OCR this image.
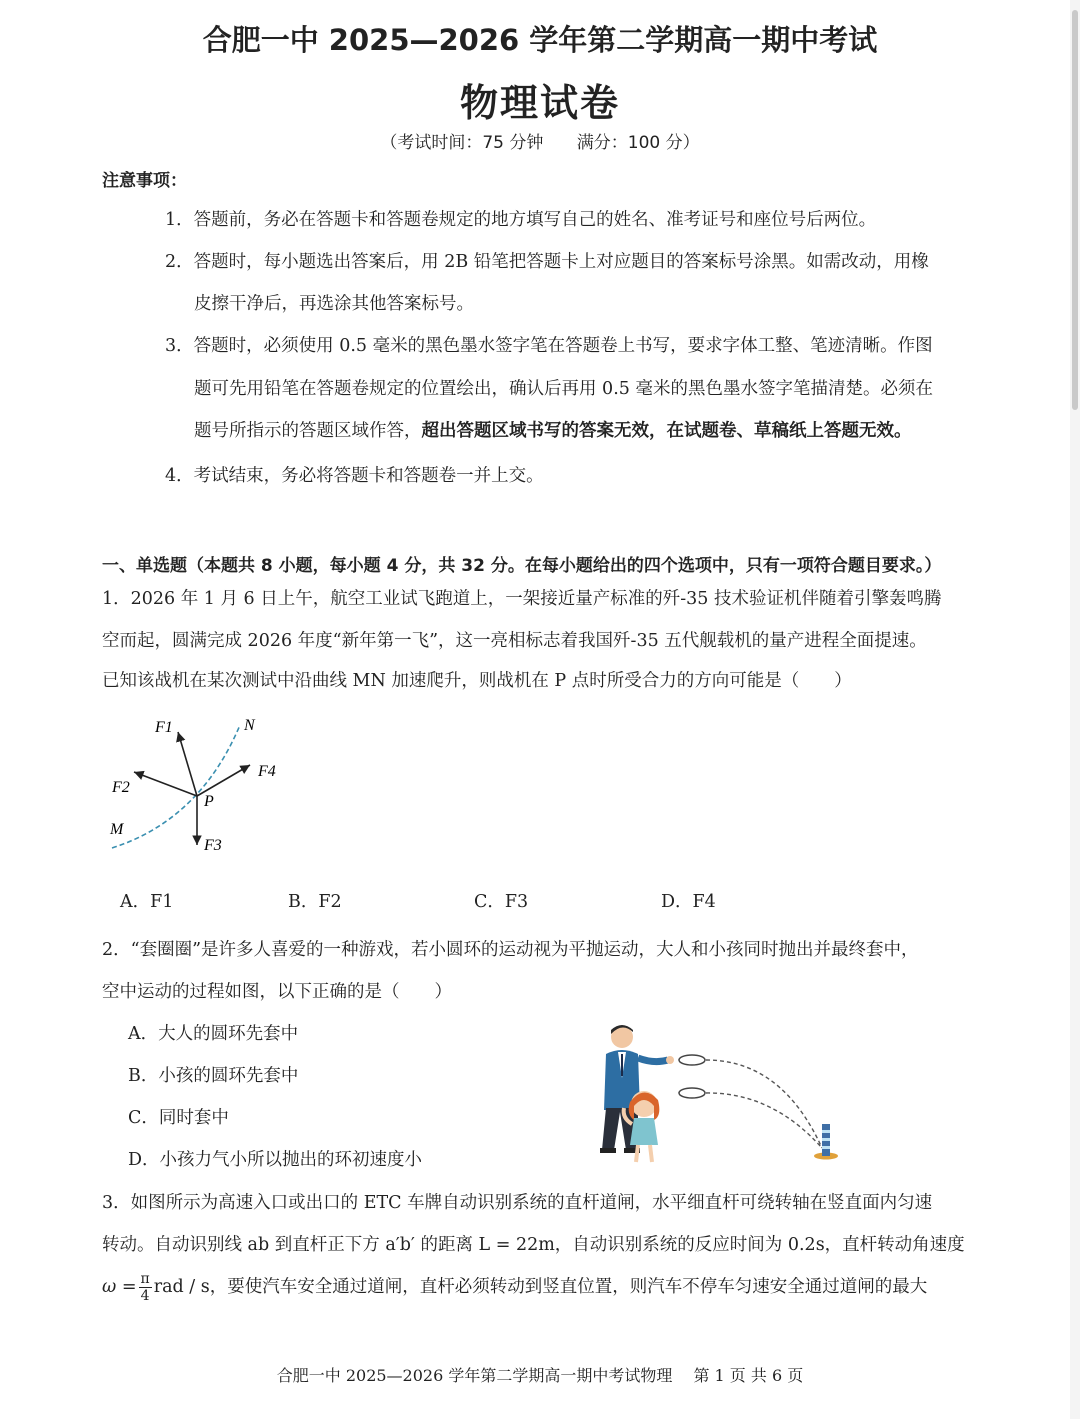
合肥一中 2025—2026 学年第二学期高一期中考试
物理试卷
（考试时间：75 分钟 满分：100 分）
注意事项：
1．答题前，务必在答题卡和答题卷规定的地方填写自己的姓名、准考证号和座位号后两位。
2．答题时，每小题选出答案后，用 2B 铅笔把答题卡上对应题目的答案标号涂黑。如需改动，用橡
皮擦干净后，再选涂其他答案标号。
3．答题时，必须使用 0.5 毫米的黑色墨水签字笔在答题卷上书写，要求字体工整、笔迹清晰。作图
题可先用铅笔在答题卷规定的位置绘出，确认后再用 0.5 毫米的黑色墨水签字笔描清楚。必须在
题号所指示的答题区域作答，超出答题区域书写的答案无效，在试题卷、草稿纸上答题无效。
4．考试结束，务必将答题卡和答题卷一并上交。
一、单选题（本题共 8 小题，每小题 4 分，共 32 分。在每小题给出的四个选项中，只有一项符合题目要求。）
1．2026 年 1 月 6 日上午，航空工业试飞跑道上，一架接近量产标准的歼-35 技术验证机伴随着引擎轰鸣腾
空而起，圆满完成 2026 年度“新年第一飞”，这一亮相标志着我国歼-35 五代舰载机的量产进程全面提速。
已知该战机在某次测试中沿曲线 MN 加速爬升，则战机在 P 点时所受合力的方向可能是（　　）
F1
F2
F3
F4
P
M
N
A．F1	B．F2	C．F3	D．F4
2．“套圈圈”是许多人喜爱的一种游戏，若小圆环的运动视为平抛运动，大人和小孩同时抛出并最终套中，
空中运动的过程如图，以下正确的是（　　）
A．大人的圆环先套中
B．小孩的圆环先套中
C．同时套中
D．小孩力气小所以抛出的环初速度小
3．如图所示为高速入口或出口的 ETC 车牌自动识别系统的直杆道闸，水平细直杆可绕转轴在竖直面内匀速
转动。自动识别线 ab 到直杆正下方 a′b′ 的距离 L = 22m，自动识别系统的反应时间为 0.2s，直杆转动角速度
$\omega = \frac{\pi}{4}$ rad / s，要使汽车安全通过道闸，直杆必须转动到竖直位置，则汽车不停车匀速安全通过道闸的最大
合肥一中 2025—2026 学年第二学期高一期中考试物理　 第 1 页 共 6 页
